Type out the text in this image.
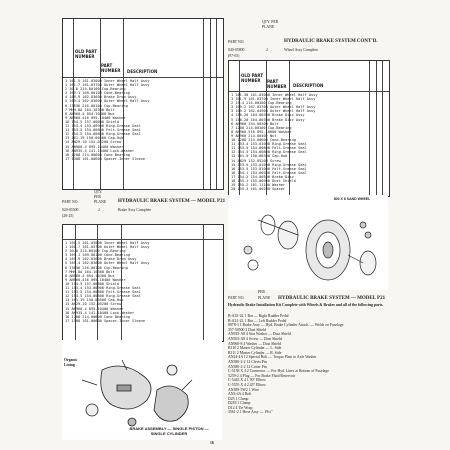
OLD PART NUMBER
PART NUMBER	DESCRIPTION
1 161-5 161-03000 Inner Wheel Half Assy
1 161-7 161-03700 Outer Wheel Half Assy
2 30-6 214-00100 Cup-Bearing
3 169-1 169-00100 Cone-Bearing
4 169-9 162-03600 Brake Drum Assy
5 169-4 162-03600 Outer Wheel Half Assy
6 13836 216-00100 Cup-Bearing
7 MHH-8A 164-10300 Bolt
8 AN960-4 054-10300 Nut
9 AN960-416 095-10400 Washer
10 154-5 157-00800 Shield
11 153-4 153-00900 Ring-Grease Seal
11 153-5 154-00800 Felt-Grease Seal
12 154-5 154-00800 Ring-Grease Seal
13 161-19 150-00500 Cap-Hub
14 AN29-10 152-05200 Screw
15 AN960-4 095-10400 Washer
16 AN935-4 141-10400 Lock-Washer
16 1208 214-00600 Cone Bearing
17 1308 161-00600 Spacer-Inner Sleeve
QTY.
PER
PART NO.	PLANE HYDRAULIC BRAKE SYSTEM — MODEL P21
020-05500	2	Brake Assy Complete
(28-25)
1 161-5 161-03000 Inner Wheel Half Assy
1 161-7 161-03700 Outer Wheel Half Assy
2 30-6 214-00100 Cup-Bearing
3 169-1 169-00100 Cone-Bearing
4 169-9 162-03600 Brake Drum Assy
5 169-4 162-03600 Outer Wheel Half Assy
6 13836 216-00100 Cup-Bearing
7 MHH-8A 164-10300 Bolt
8 AN960-4 054-10300 Nut
9 AN960-416 095-10400 Washer
10 154-5 157-00800 Shield
11 153-4 153-00900 Ring-Grease Seal
11 153-5 154-00800 Felt-Grease Seal
12 154-5 154-00800 Ring-Grease Seal
13 161-19 150-00500 Cap-Hub
14 AN29-10 152-05200 Screw
15 AN960-4 095-10400 Washer
16 AN935-4 141-10400 Lock-Washer
16 1208 214-00600 Cone Bearing
17 1308 161-00600 Spacer-Inner Sleeve
Organic Lining
BRAKE ASSEMBLY — SINGLE PISTON — SINGLE CYLINDER
PART NO.
QTY. PER PLANE
HYDRAULIC BRAKE SYSTEM CONT'D.
040-05800	2	Wheel Assy Complete
(97-05)
OLD PART NUMBER	PART NUMBER	DESCRIPTION
1 161-30 161-03000 Inner Wheel Half Assy
1 161-9 161-03700 Inner Wheel Half Assy
2 15-4 214-00100 Cup-Bearing
3 169-2 167-03700 Outer Wheel Half Assy
3 169-2 162-04900 Outer Wheel Half Assy
4 156-20 164-00300 Brake Disc Assy
5 156-20 164-00300 Brake Disc Assy
6 AN960 154-00300 Bolt
7 1208 214-00100 Cup-Bearing
8 AN960-516 095-10600 Washer
9 AN960 214-00402 Nut
10 1208 214-00600 Cone-Bearing
11 153-4 153-01000 Ring-Grease Seal
11 153-5 154-00800 Felt-Grease Seal
12 154-5 154-00800 Ring-Grease Seal
13 161-5 150-00300 Cap-Hub
14 AN29 152-05200 Screw
15 153-5 153-01000 Ring-Grease Seal
16 153-5 153-01000 Felt-Grease Seal
16 154-1 154-00500 Felt-Grease Seal
17 154-2 154-00500 Brake Disc
18 155-1 155-00900 Dust Shield
19 155-2 161-11100 Washer
20 155-3 161-00200 Spacer
800 X 6 SAND WHEEL
PART NO.
PER
PLANE HYDRAULIC BRAKE SYSTEM — MODEL P21
Hydraulic Brake Installation Kit Complete with Wheels & Brakes and all of the following parts.
B-A35-2L 1 Bar — Right Rudder Pedal
B-A31-2L 1 Bar — Left Rudder Pedal
8878-3 1 Brake Assy — Hyd. Brake Cylinder Attach. — Welds on Fuselage
357-50500 2 Dust Shield
AN935-A8 4 Star Washer — Dust Shield
AN503-A8 4 Screw — Dust Shield
AN960-8 4 Washer — Dust Shield
B110 2 Master Cylinder — L. Side
B111 2 Master Cylinder — R. Side
AN24-4A 12 Special Bolt — Torque Plate to Axle Washer
AN380-2-2 12 Clevis Pin
AN380-2-2 12 Cotter Pin
C-5158 X 4 2 Connector — For Hyd. Lines at Bottom of Fuselage
5259-2 4 Plug — For Brake Fluid Reservoir
C-5443 X 4 1 90° Elbow
C-5555 X 4 2 45° Elbow
AN389-5W2 1 Wire
AN3-4A 4 Bolt
D25 1 Clamp
D218 1 Clamp
D12 4 Tie Wrap
3561-2 1 Hose Assy — 19¼"
16
